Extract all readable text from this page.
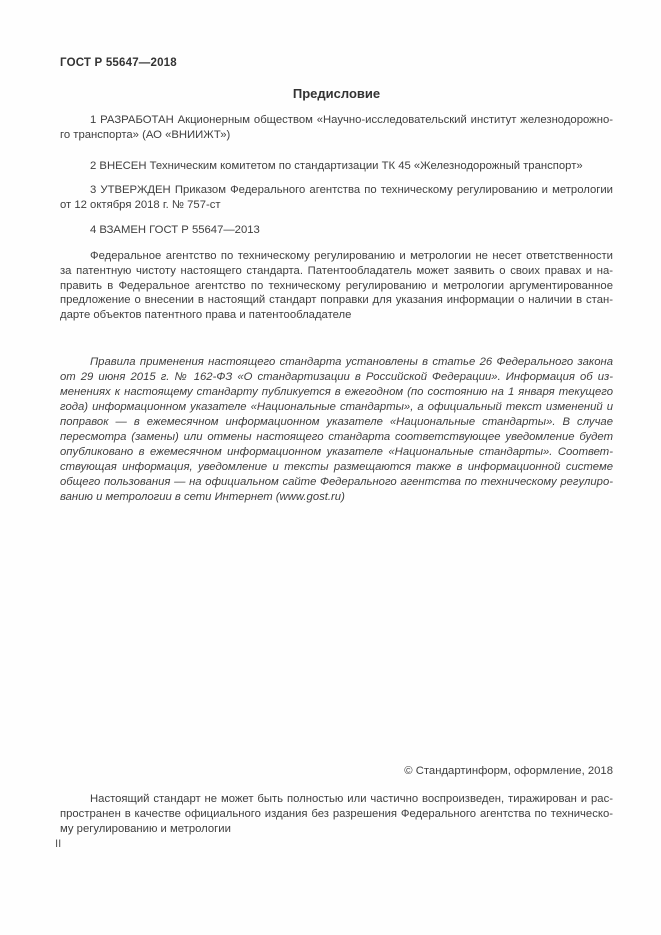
ГОСТ Р 55647—2018
Предисловие

1 РАЗРАБОТАН Акционерным обществом «Научно-исследовательский институт железнодорожного транспорта» (АО «ВНИИЖТ»)

2 ВНЕСЕН Техническим комитетом по стандартизации ТК 45 «Железнодорожный транспорт»

3 УТВЕРЖДЕН Приказом Федерального агентства по техническому регулированию и метрологии от 12 октября 2018 г. № 757-ст

4 ВЗАМЕН ГОСТ Р 55647—2013

Федеральное агентство по техническому регулированию и метрологии не несет ответственности за патентную чистоту настоящего стандарта. Патентообладатель может заявить о своих правах и направить в Федеральное агентство по техническому регулированию и метрологии аргументированное предложение о внесении в настоящий стандарт поправки для указания информации о наличии в стандарте объектов патентного права и патентообладателе

Правила применения настоящего стандарта установлены в статье 26 Федерального закона от 29 июня 2015 г. № 162-ФЗ «О стандартизации в Российской Федерации». Информация об изменениях к настоящему стандарту публикуется в ежегодном (по состоянию на 1 января текущего года) информационном указателе «Национальные стандарты», а официальный текст изменений и поправок — в ежемесячном информационном указателе «Национальные стандарты». В случае пересмотра (замены) или отмены настоящего стандарта соответствующее уведомление будет опубликовано в ежемесячном информационном указателе «Национальные стандарты». Соответствующая информация, уведомление и тексты размещаются также в информационной системе общего пользования — на официальном сайте Федерального агентства по техническому регулированию и метрологии в сети Интернет (www.gost.ru)

© Стандартинформ, оформление, 2018

Настоящий стандарт не может быть полностью или частично воспроизведен, тиражирован и распространен в качестве официального издания без разрешения Федерального агентства по техническому регулированию и метрологии

II
